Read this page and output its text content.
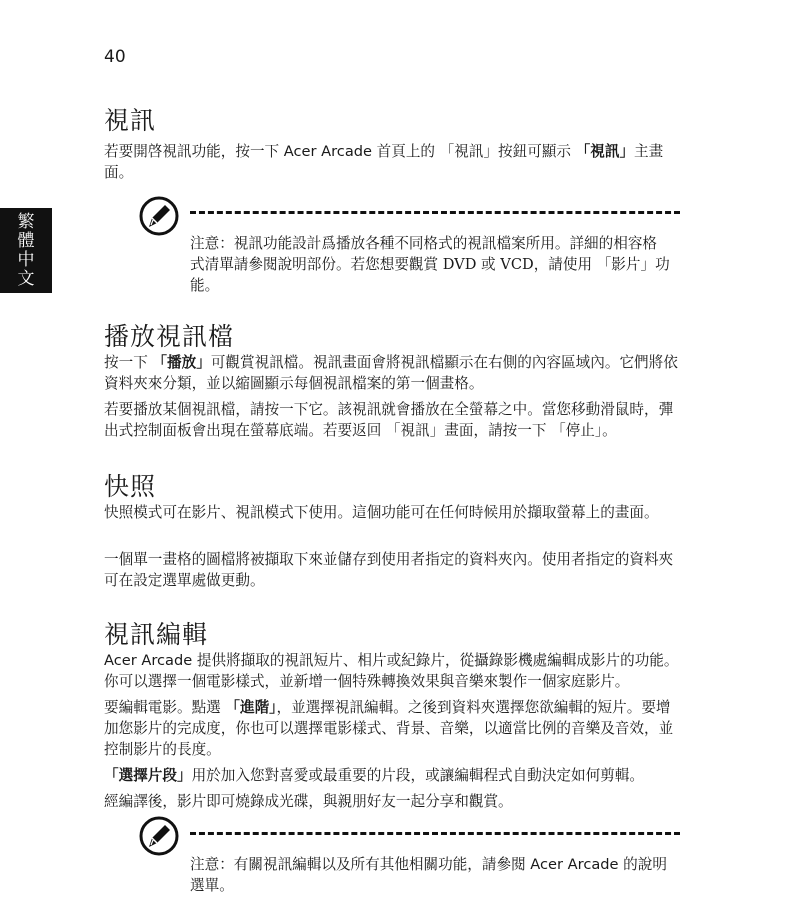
40
繁
體
中
文
視訊

若要開啓視訊功能，按一下 Acer Arcade 首頁上的 「視訊」按鈕可顯示 「視訊」主畫面。

注意：視訊功能設計爲播放各種不同格式的視訊檔案所用。詳細的相容格式清單請參閱說明部份。若您想要觀賞 DVD 或 VCD，請使用 「影片」功能。

播放視訊檔

按一下 「播放」可觀賞視訊檔。視訊畫面會將視訊檔顯示在右側的內容區域內。它們將依資料夾來分類，並以縮圖顯示每個視訊檔案的第一個畫格。

若要播放某個視訊檔，請按一下它。該視訊就會播放在全螢幕之中。當您移動滑鼠時，彈出式控制面板會出現在螢幕底端。若要返回 「視訊」畫面，請按一下 「停止」。

快照

快照模式可在影片、視訊模式下使用。這個功能可在任何時候用於擷取螢幕上的畫面。

一個單一畫格的圖檔將被擷取下來並儲存到使用者指定的資料夾內。使用者指定的資料夾可在設定選單處做更動。

視訊編輯

Acer Arcade 提供將擷取的視訊短片、相片或紀錄片，從攝錄影機處編輯成影片的功能。你可以選擇一個電影樣式，並新增一個特殊轉換效果與音樂來製作一個家庭影片。

要編輯電影。點選 「進階」，並選擇視訊編輯。之後到資料夾選擇您欲編輯的短片。要增加您影片的完成度，你也可以選擇電影樣式、背景、音樂，以適當比例的音樂及音效，並控制影片的長度。

「選擇片段」用於加入您對喜愛或最重要的片段，或讓編輯程式自動決定如何剪輯。

經編譯後，影片即可燒錄成光碟，與親朋好友一起分享和觀賞。

注意：有關視訊編輯以及所有其他相關功能，請參閱 Acer Arcade 的說明選單。
